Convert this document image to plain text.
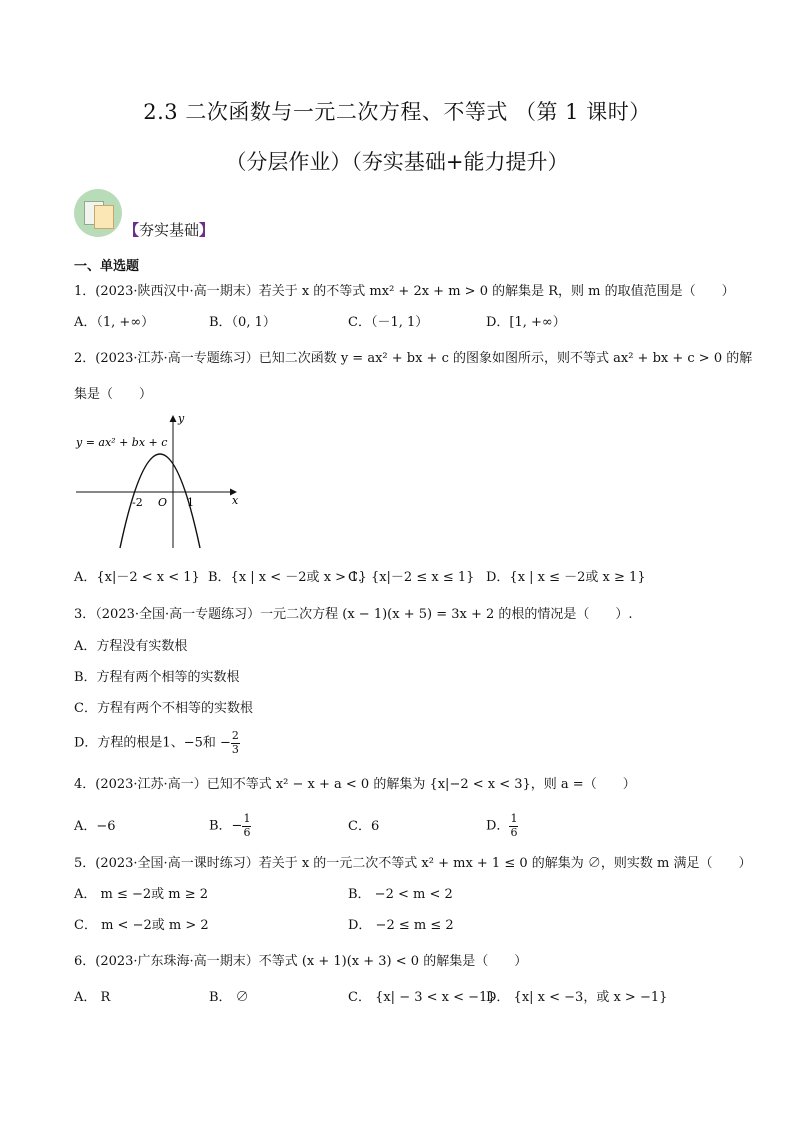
2.3 二次函数与一元二次方程、不等式 （第 1 课时）
（分层作业）（夯实基础+能力提升）
【夯实基础】
一、单选题
1．(2023·陕西汉中·高一期末）若关于 x 的不等式 mx² + 2x + m > 0 的解集是 R，则 m 的取值范围是（　　）
A．（1, +∞）	B．（0, 1）	C．（－1, 1）	D．[1, +∞）
2．(2023·江苏·高一专题练习）已知二次函数 y = ax² + bx + c 的图象如图所示，则不等式 ax² + bx + c > 0 的解
集是（　　）
y = ax² + bx + c
y
x
O
-2	1
A．{x|－2 < x < 1} B．{x | x < －2或 x > 1}
C．{x|－2 ≤ x ≤ 1} D．{x | x ≤ －2或 x ≥ 1}
3．（2023·全国·高一专题练习）一元二次方程 (x − 1)(x + 5) = 3x + 2 的根的情况是（　　）.
A．方程没有实数根
B．方程有两个相等的实数根
C．方程有两个不相等的实数根
D．方程的根是1、−5和 − $\frac{2}{3}$
4．(2023·江苏·高一）已知不等式 x² − x + a < 0 的解集为 {x|−2 < x < 3}，则 a =（　　）
A．−6	B．− $\frac{1}{6}$	C．6	D． $\frac{1}{6}$
5．(2023·全国·高一课时练习）若关于 x 的一元二次不等式 x² + mx + 1 ≤ 0 的解集为 ∅，则实数 m 满足（　　）
A． m ≤ −2或 m ≥ 2	B． −2 < m < 2
C． m < −2或 m > 2	D． −2 ≤ m ≤ 2
6．(2023·广东珠海·高一期末）不等式 (x + 1)(x + 3) < 0 的解集是（　　）
A． R	B． ∅	C． {x| − 3 < x < −1}
D． {x| x < −3，或 x > −1}
